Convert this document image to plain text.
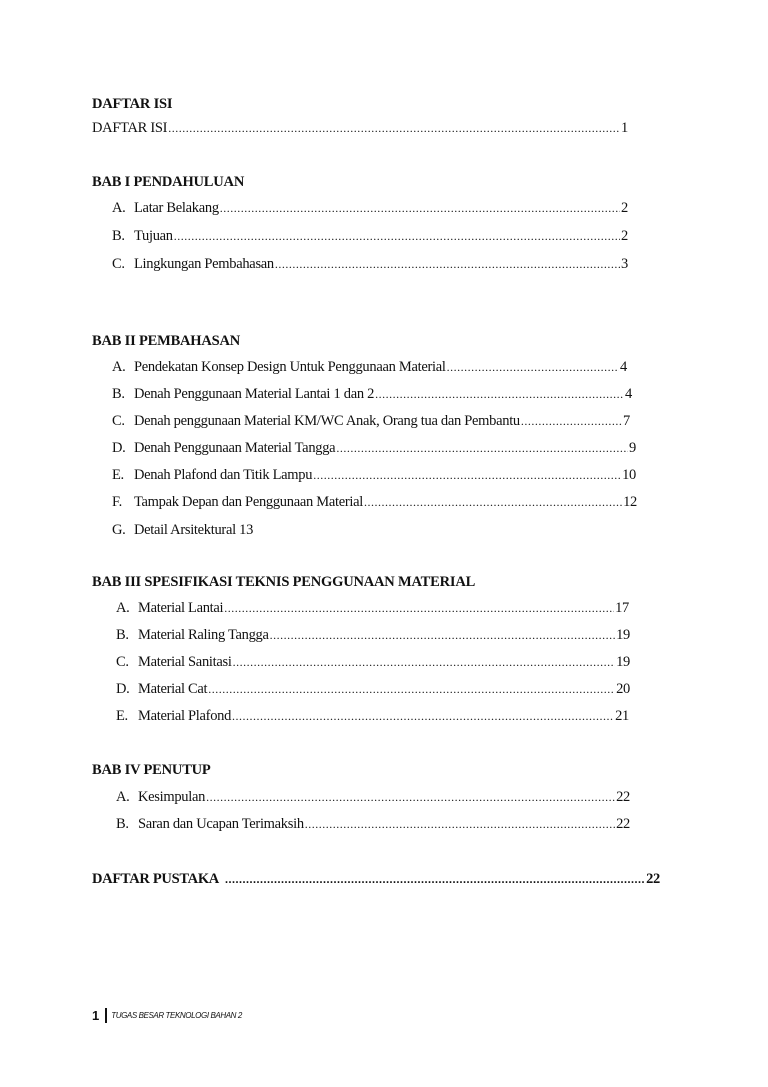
DAFTAR ISI
DAFTAR ISI .....	1
BAB I PENDAHULUAN
A. Latar Belakang .....	2
B. Tujuan .....	2
C. Lingkungan Pembahasan .....	3
BAB II PEMBAHASAN
A. Pendekatan Konsep Design Untuk Penggunaan Material .....	4
B. Denah Penggunaan Material Lantai 1 dan 2 .....	4
C. Denah penggunaan Material KM/WC Anak, Orang tua dan Pembantu .....	7
D. Denah Penggunaan Material Tangga .....	9
E. Denah Plafond dan Titik Lampu .....	10
F. Tampak Depan dan Penggunaan Material .....	12
G. Detail Arsitektural 13
BAB III SPESIFIKASI TEKNIS PENGGUNAAN MATERIAL
A. Material Lantai .....	17
B. Material Raling Tangga .....	19
C. Material Sanitasi .....	19
D. Material Cat .....	20
E. Material Plafond .....	21
BAB IV PENUTUP
A. Kesimpulan .....	22
B. Saran dan Ucapan Terimaksih .....	22
DAFTAR PUSTAKA .....	22
1 TUGAS BESAR TEKNOLOGI BAHAN 2
